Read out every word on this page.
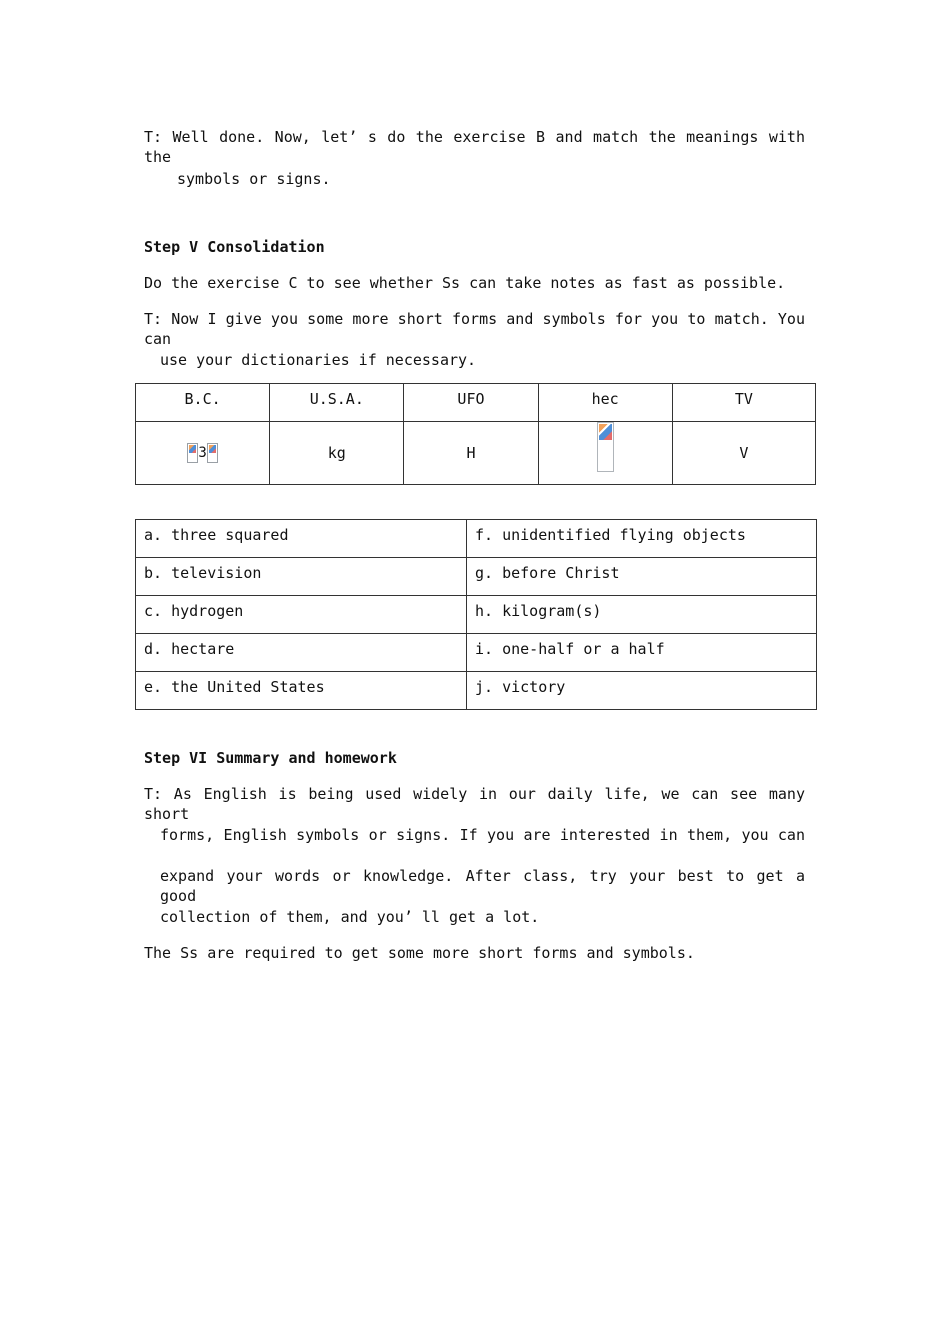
T: Well done. Now, let’ s do the exercise B and match the meanings with the
symbols or signs.
Step V Consolidation
Do the exercise C to see whether Ss can take notes as fast as possible.
T: Now I give you some more short forms and symbols for you to match. You can
use your dictionaries if necessary.
B.C.	U.S.A.	UFO	hec	TV
3	kg	H		V
a. three squared	f. unidentified flying objects
b. television	g. before Christ
c. hydrogen	h. kilogram(s)
d. hectare	i. one-half or a half
e. the United States	j. victory
Step VI Summary and homework
T: As English is being used widely in our daily life, we can see many short
forms, English symbols or signs. If you are interested in them, you can
expand your words or knowledge. After class, try your best to get a good
collection of them, and you’ ll get a lot.
The Ss are required to get some more short forms and symbols.
